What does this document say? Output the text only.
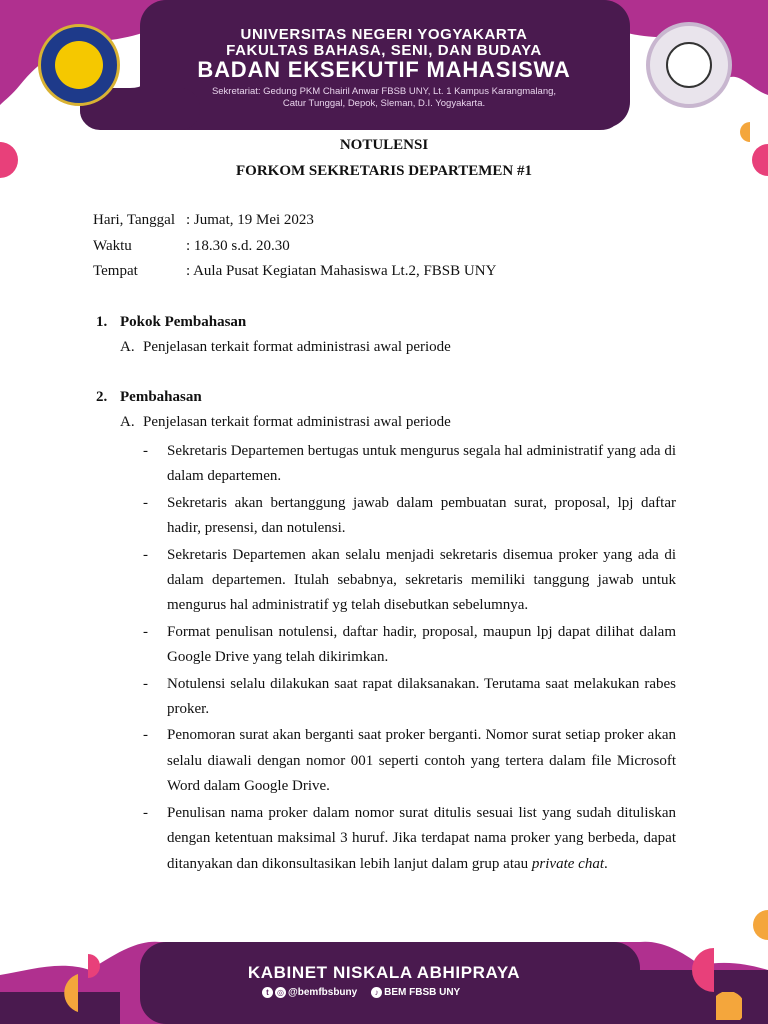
UNIVERSITAS NEGERI YOGYAKARTA
FAKULTAS BAHASA, SENI, DAN BUDAYA
BADAN EKSEKUTIF MAHASISWA
Sekretariat: Gedung PKM Chairil Anwar FBSB UNY, Lt. 1 Kampus Karangmalang,
Catur Tunggal, Depok, Sleman, D.I. Yogyakarta.
NOTULENSI
FORKOM SEKRETARIS DEPARTEMEN #1
Hari, Tanggal : Jumat, 19 Mei 2023
Waktu	: 18.30 s.d. 20.30
Tempat	: Aula Pusat Kegiatan Mahasiswa Lt.2, FBSB UNY
1. Pokok Pembahasan
A. Penjelasan terkait format administrasi awal periode
2. Pembahasan
A. Penjelasan terkait format administrasi awal periode
- Sekretaris Departemen bertugas untuk mengurus segala hal administratif yang ada di dalam departemen.
- Sekretaris akan bertanggung jawab dalam pembuatan surat, proposal, lpj daftar hadir, presensi, dan notulensi.
- Sekretaris Departemen akan selalu menjadi sekretaris disemua proker yang ada di dalam departemen. Itulah sebabnya, sekretaris memiliki tanggung jawab untuk mengurus hal administratif yg telah disebutkan sebelumnya.
- Format penulisan notulensi, daftar hadir, proposal, maupun lpj dapat dilihat dalam Google Drive yang telah dikirimkan.
- Notulensi selalu dilakukan saat rapat dilaksanakan. Terutama saat melakukan rabes proker.
- Penomoran surat akan berganti saat proker berganti. Nomor surat setiap proker akan selalu diawali dengan nomor 001 seperti contoh yang tertera dalam file Microsoft Word dalam Google Drive.
- Penulisan nama proker dalam nomor surat ditulis sesuai list yang sudah dituliskan dengan ketentuan maksimal 3 huruf. Jika terdapat nama proker yang berbeda, dapat ditanyakan dan dikonsultasikan lebih lanjut dalam grup atau private chat.
KABINET NISKALA ABHIPRAYA
t ◎ @bemfbsbuny ♪ BEM FBSB UNY
